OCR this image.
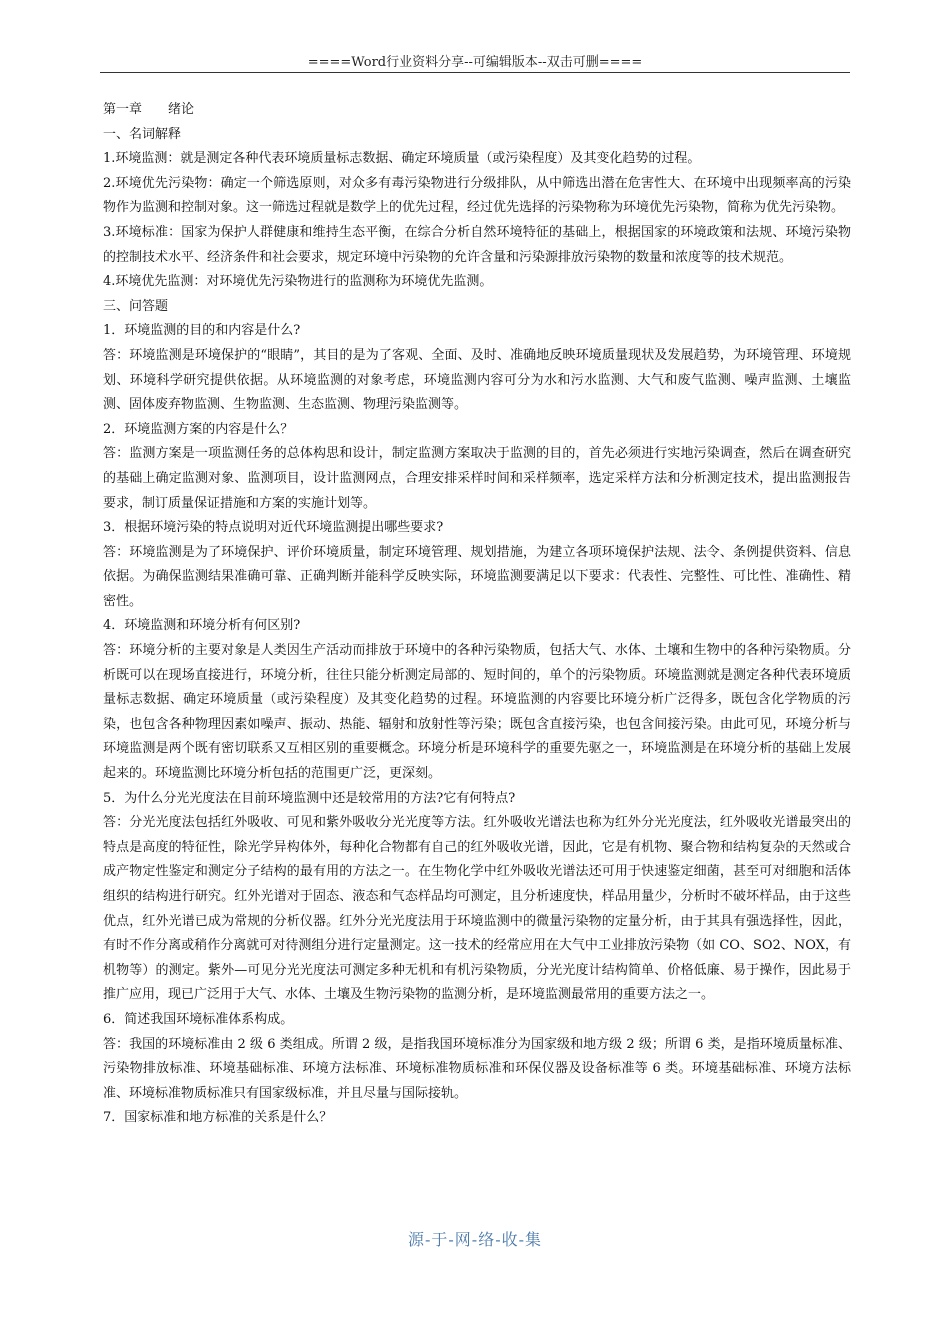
====Word行业资料分享--可编辑版本--双击可删====

第一章 绪论

一、名词解释

1.环境监测：就是测定各种代表环境质量标志数据、确定环境质量（或污染程度）及其变化趋势的过程。

2.环境优先污染物：确定一个筛选原则，对众多有毒污染物进行分级排队，从中筛选出潜在危害性大、在环境中出现频率高的污染物作为监测和控制对象。这一筛选过程就是数学上的优先过程，经过优先选择的污染物称为环境优先污染物，简称为优先污染物。

3.环境标准：国家为保护人群健康和维持生态平衡，在综合分析自然环境特征的基础上，根据国家的环境政策和法规、环境污染物的控制技术水平、经济条件和社会要求，规定环境中污染物的允许含量和污染源排放污染物的数量和浓度等的技术规范。

4.环境优先监测：对环境优先污染物进行的监测称为环境优先监测。

三、问答题

1．环境监测的目的和内容是什么?

答：环境监测是环境保护的“眼睛”，其目的是为了客观、全面、及时、准确地反映环境质量现状及发展趋势，为环境管理、环境规划、环境科学研究提供依据。从环境监测的对象考虑，环境监测内容可分为水和污水监测、大气和废气监测、噪声监测、土壤监测、固体废弃物监测、生物监测、生态监测、物理污染监测等。

2．环境监测方案的内容是什么？

答：监测方案是一项监测任务的总体构思和设计，制定监测方案取决于监测的目的，首先必须进行实地污染调查，然后在调查研究的基础上确定监测对象、监测项目，设计监测网点，合理安排采样时间和采样频率，选定采样方法和分析测定技术，提出监测报告要求，制订质量保证措施和方案的实施计划等。

3．根据环境污染的特点说明对近代环境监测提出哪些要求?

答：环境监测是为了环境保护、评价环境质量，制定环境管理、规划措施，为建立各项环境保护法规、法令、条例提供资料、信息依据。为确保监测结果准确可靠、正确判断并能科学反映实际，环境监测要满足以下要求：代表性、完整性、可比性、准确性、精密性。

4．环境监测和环境分析有何区别?

答：环境分析的主要对象是人类因生产活动而排放于环境中的各种污染物质，包括大气、水体、土壤和生物中的各种污染物质。分析既可以在现场直接进行，环境分析，往往只能分析测定局部的、短时间的，单个的污染物质。环境监测就是测定各种代表环境质量标志数据、确定环境质量（或污染程度）及其变化趋势的过程。环境监测的内容要比环境分析广泛得多，既包含化学物质的污染，也包含各种物理因素如噪声、振动、热能、辐射和放射性等污染；既包含直接污染，也包含间接污染。由此可见，环境分析与环境监测是两个既有密切联系又互相区别的重要概念。环境分析是环境科学的重要先驱之一，环境监测是在环境分析的基础上发展起来的。环境监测比环境分析包括的范围更广泛，更深刻。

5．为什么分光光度法在目前环境监测中还是较常用的方法?它有何特点?

答：分光光度法包括红外吸收、可见和紫外吸收分光光度等方法。红外吸收光谱法也称为红外分光光度法，红外吸收光谱最突出的特点是高度的特征性，除光学异构体外，每种化合物都有自己的红外吸收光谱，因此，它是有机物、聚合物和结构复杂的天然或合成产物定性鉴定和测定分子结构的最有用的方法之一。在生物化学中红外吸收光谱法还可用于快速鉴定细菌，甚至可对细胞和活体组织的结构进行研究。红外光谱对于固态、液态和气态样品均可测定，且分析速度快，样品用量少，分析时不破坏样品，由于这些优点，红外光谱已成为常规的分析仪器。红外分光光度法用于环境监测中的微量污染物的定量分析，由于其具有强选择性，因此，有时不作分离或稍作分离就可对待测组分进行定量测定。这一技术的经常应用在大气中工业排放污染物（如 CO、SO2、NOX，有机物等）的测定。紫外—可见分光光度法可测定多种无机和有机污染物质，分光光度计结构简单、价格低廉、易于操作，因此易于推广应用，现已广泛用于大气、水体、土壤及生物污染物的监测分析，是环境监测最常用的重要方法之一。

6．简述我国环境标准体系构成。

答：我国的环境标准由 2 级 6 类组成。所谓 2 级，是指我国环境标准分为国家级和地方级 2 级；所谓 6 类，是指环境质量标准、污染物排放标准、环境基础标准、环境方法标准、环境标准物质标准和环保仪器及设备标准等 6 类。环境基础标准、环境方法标准、环境标准物质标准只有国家级标准，并且尽量与国际接轨。

7．国家标准和地方标准的关系是什么？

源-于-网-络-收-集
